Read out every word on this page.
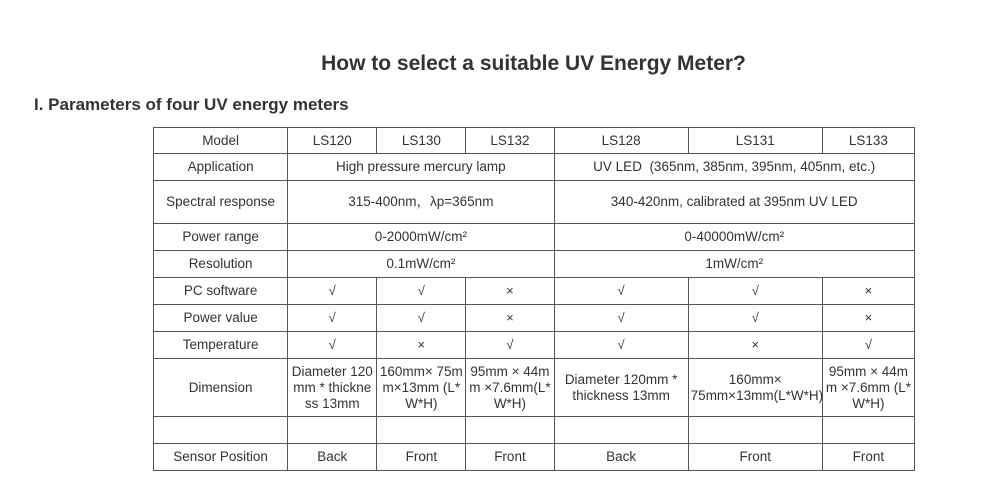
How to select a suitable UV Energy Meter?
I. Parameters of four UV energy meters
Model	LS120	LS130	LS132	LS128	LS131	LS133
Application	High pressure mercury lamp			UV LED  (365nm, 385nm, 395nm, 405nm, etc.)		
Spectral response	315-400nm，λp=365nm			340-420nm, calibrated at 395nm UV LED		
Power range	0-2000mW/cm²			0-40000mW/cm²		
Resolution	0.1mW/cm²			1mW/cm²		
PC software	√	√	×	√	√	×
Power value	√	√	×	√	√	×
Temperature	√	×	√	√	×	√
Dimension	Diameter 120mm * thickness 13mm	160mm× 75mm×13mm (L*W*H)	95mm × 44mm ×7.6mm(L*W*H)	Diameter 120mm * thickness 13mm	160mm× 75mm×13mm(L*W*H)	95mm × 44mm ×7.6mm (L*W*H)

Sensor Position	Back	Front	Front	Back	Front	Front
